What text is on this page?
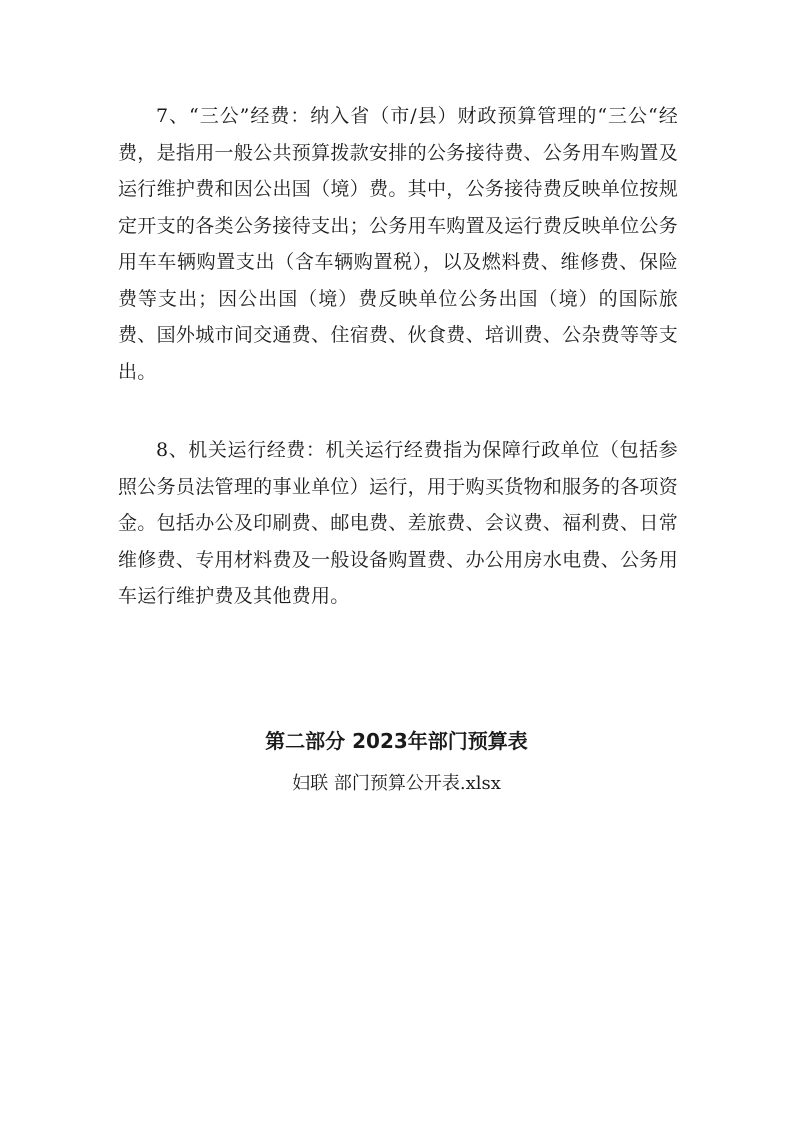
7、“三公”经费：纳入省（市/县）财政预算管理的“三公“经费，是指用一般公共预算拨款安排的公务接待费、公务用车购置及运行维护费和因公出国（境）费。其中，公务接待费反映单位按规定开支的各类公务接待支出；公务用车购置及运行费反映单位公务用车车辆购置支出（含车辆购置税），以及燃料费、维修费、保险费等支出；因公出国（境）费反映单位公务出国（境）的国际旅费、国外城市间交通费、住宿费、伙食费、培训费、公杂费等等支出。

8、机关运行经费：机关运行经费指为保障行政单位（包括参照公务员法管理的事业单位）运行，用于购买货物和服务的各项资金。包括办公及印刷费、邮电费、差旅费、会议费、福利费、日常维修费、专用材料费及一般设备购置费、办公用房水电费、公务用车运行维护费及其他费用。

第二部分 2023年部门预算表

妇联 部门预算公开表.xlsx
